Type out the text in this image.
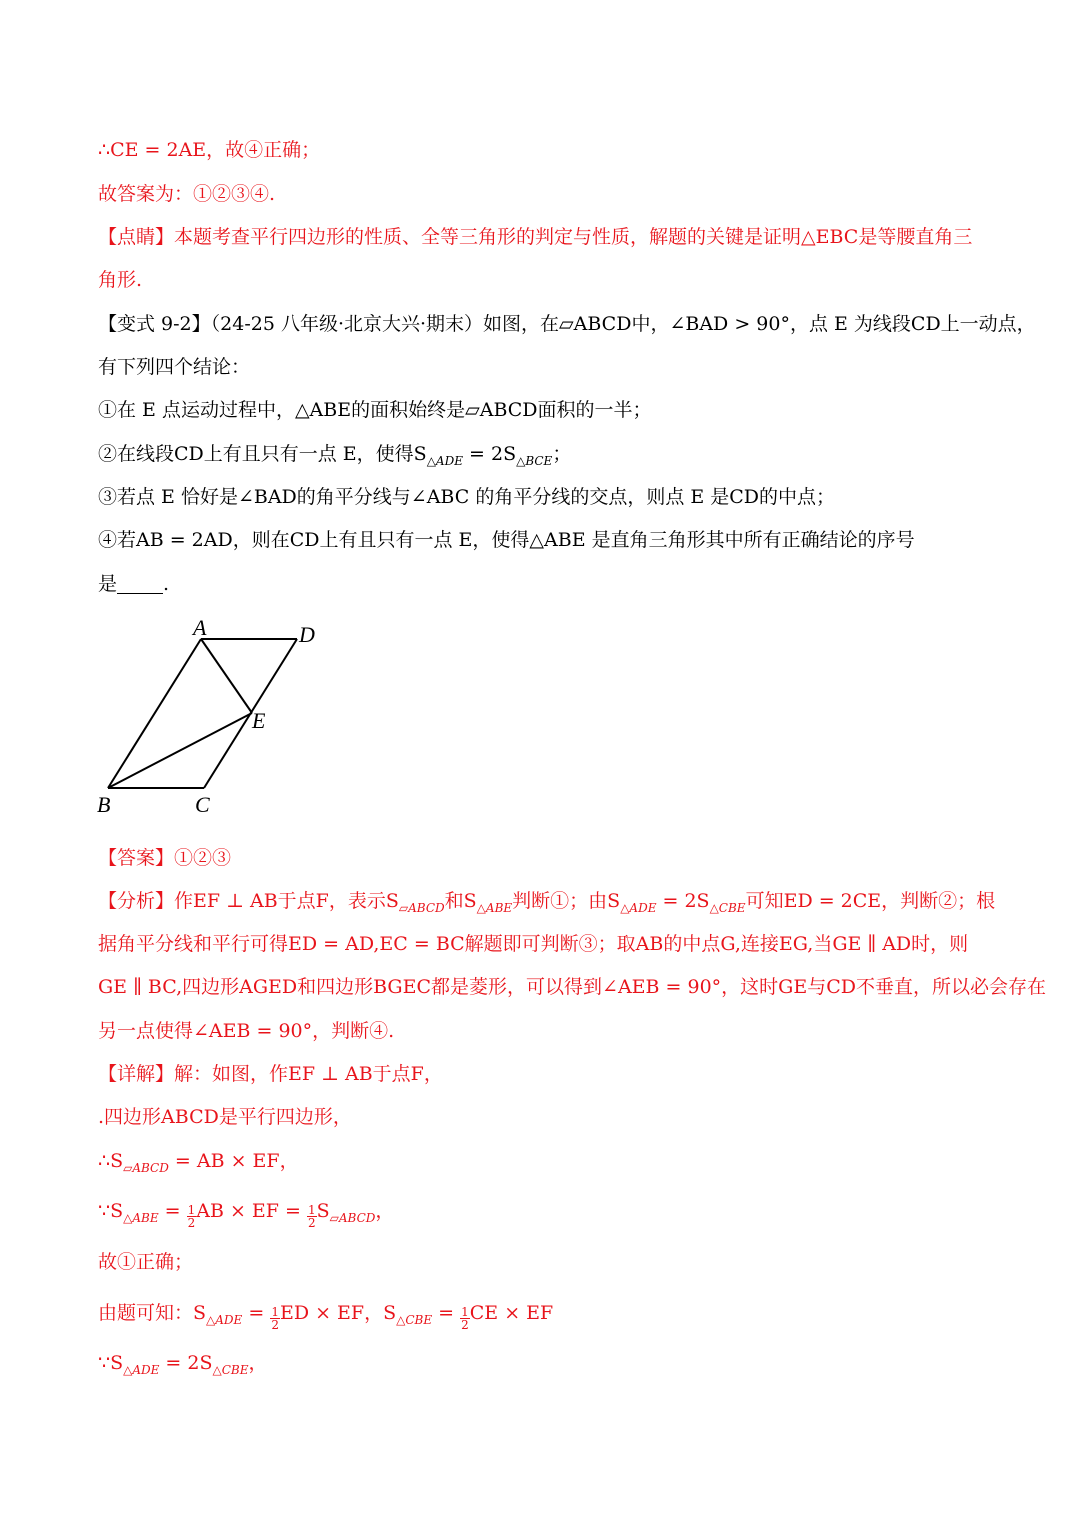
∴CE = 2AE，故④正确；
故答案为：①②③④.
【点睛】本题考查平行四边形的性质、全等三角形的判定与性质，解题的关键是证明△EBC是等腰直角三
角形.
【变式 9-2】（24-25 八年级·北京大兴·期末）如图，在▱ABCD中，∠BAD > 90°，点 E 为线段CD上一动点，
有下列四个结论：
①在 E 点运动过程中，△ABE的面积始终是▱ABCD面积的一半；
②在线段CD上有且只有一点 E，使得$S_{\triangle ADE} = 2S_{\triangle BCE}$；
③若点 E 恰好是∠BAD的角平分线与∠ABC 的角平分线的交点，则点 E 是CD的中点；
④若AB = 2AD，则在CD上有且只有一点 E，使得△ABE 是直角三角形其中所有正确结论的序号
是 .
A	D
E
B	C
【答案】①②③
【分析】作EF ⊥ AB于点F，表示$S_{▱ABCD}$和$S_{\triangle ABE}$判断①；由$S_{\triangle ADE} = 2S_{\triangle CBE}$可知ED = 2CE，判断②；根
据角平分线和平行可得ED = AD,EC = BC解题即可判断③；取AB的中点G,连接EG,当GE ∥ AD时，则
GE ∥ BC,四边形AGED和四边形BGEC都是菱形，可以得到∠AEB = 90°，这时GE与CD不垂直，所以必会存在
另一点使得∠AEB = 90°，判断④.
【详解】解：如图，作EF ⊥ AB于点F，
.四边形ABCD是平行四边形，
$\therefore S_{▱ABCD}$ = AB × EF，
$\because S_{\triangle ABE} = \frac{1}{2}$ AB × EF = $\frac{1}{2} S_{▱ABCD}$，
故①正确；
由题可知：$S_{\triangle ADE} = \frac{1}{2}$ ED × EF，$S_{\triangle CBE} = \frac{1}{2}$ CE × EF
$\because S_{\triangle ADE} = 2S_{\triangle CBE}$，
